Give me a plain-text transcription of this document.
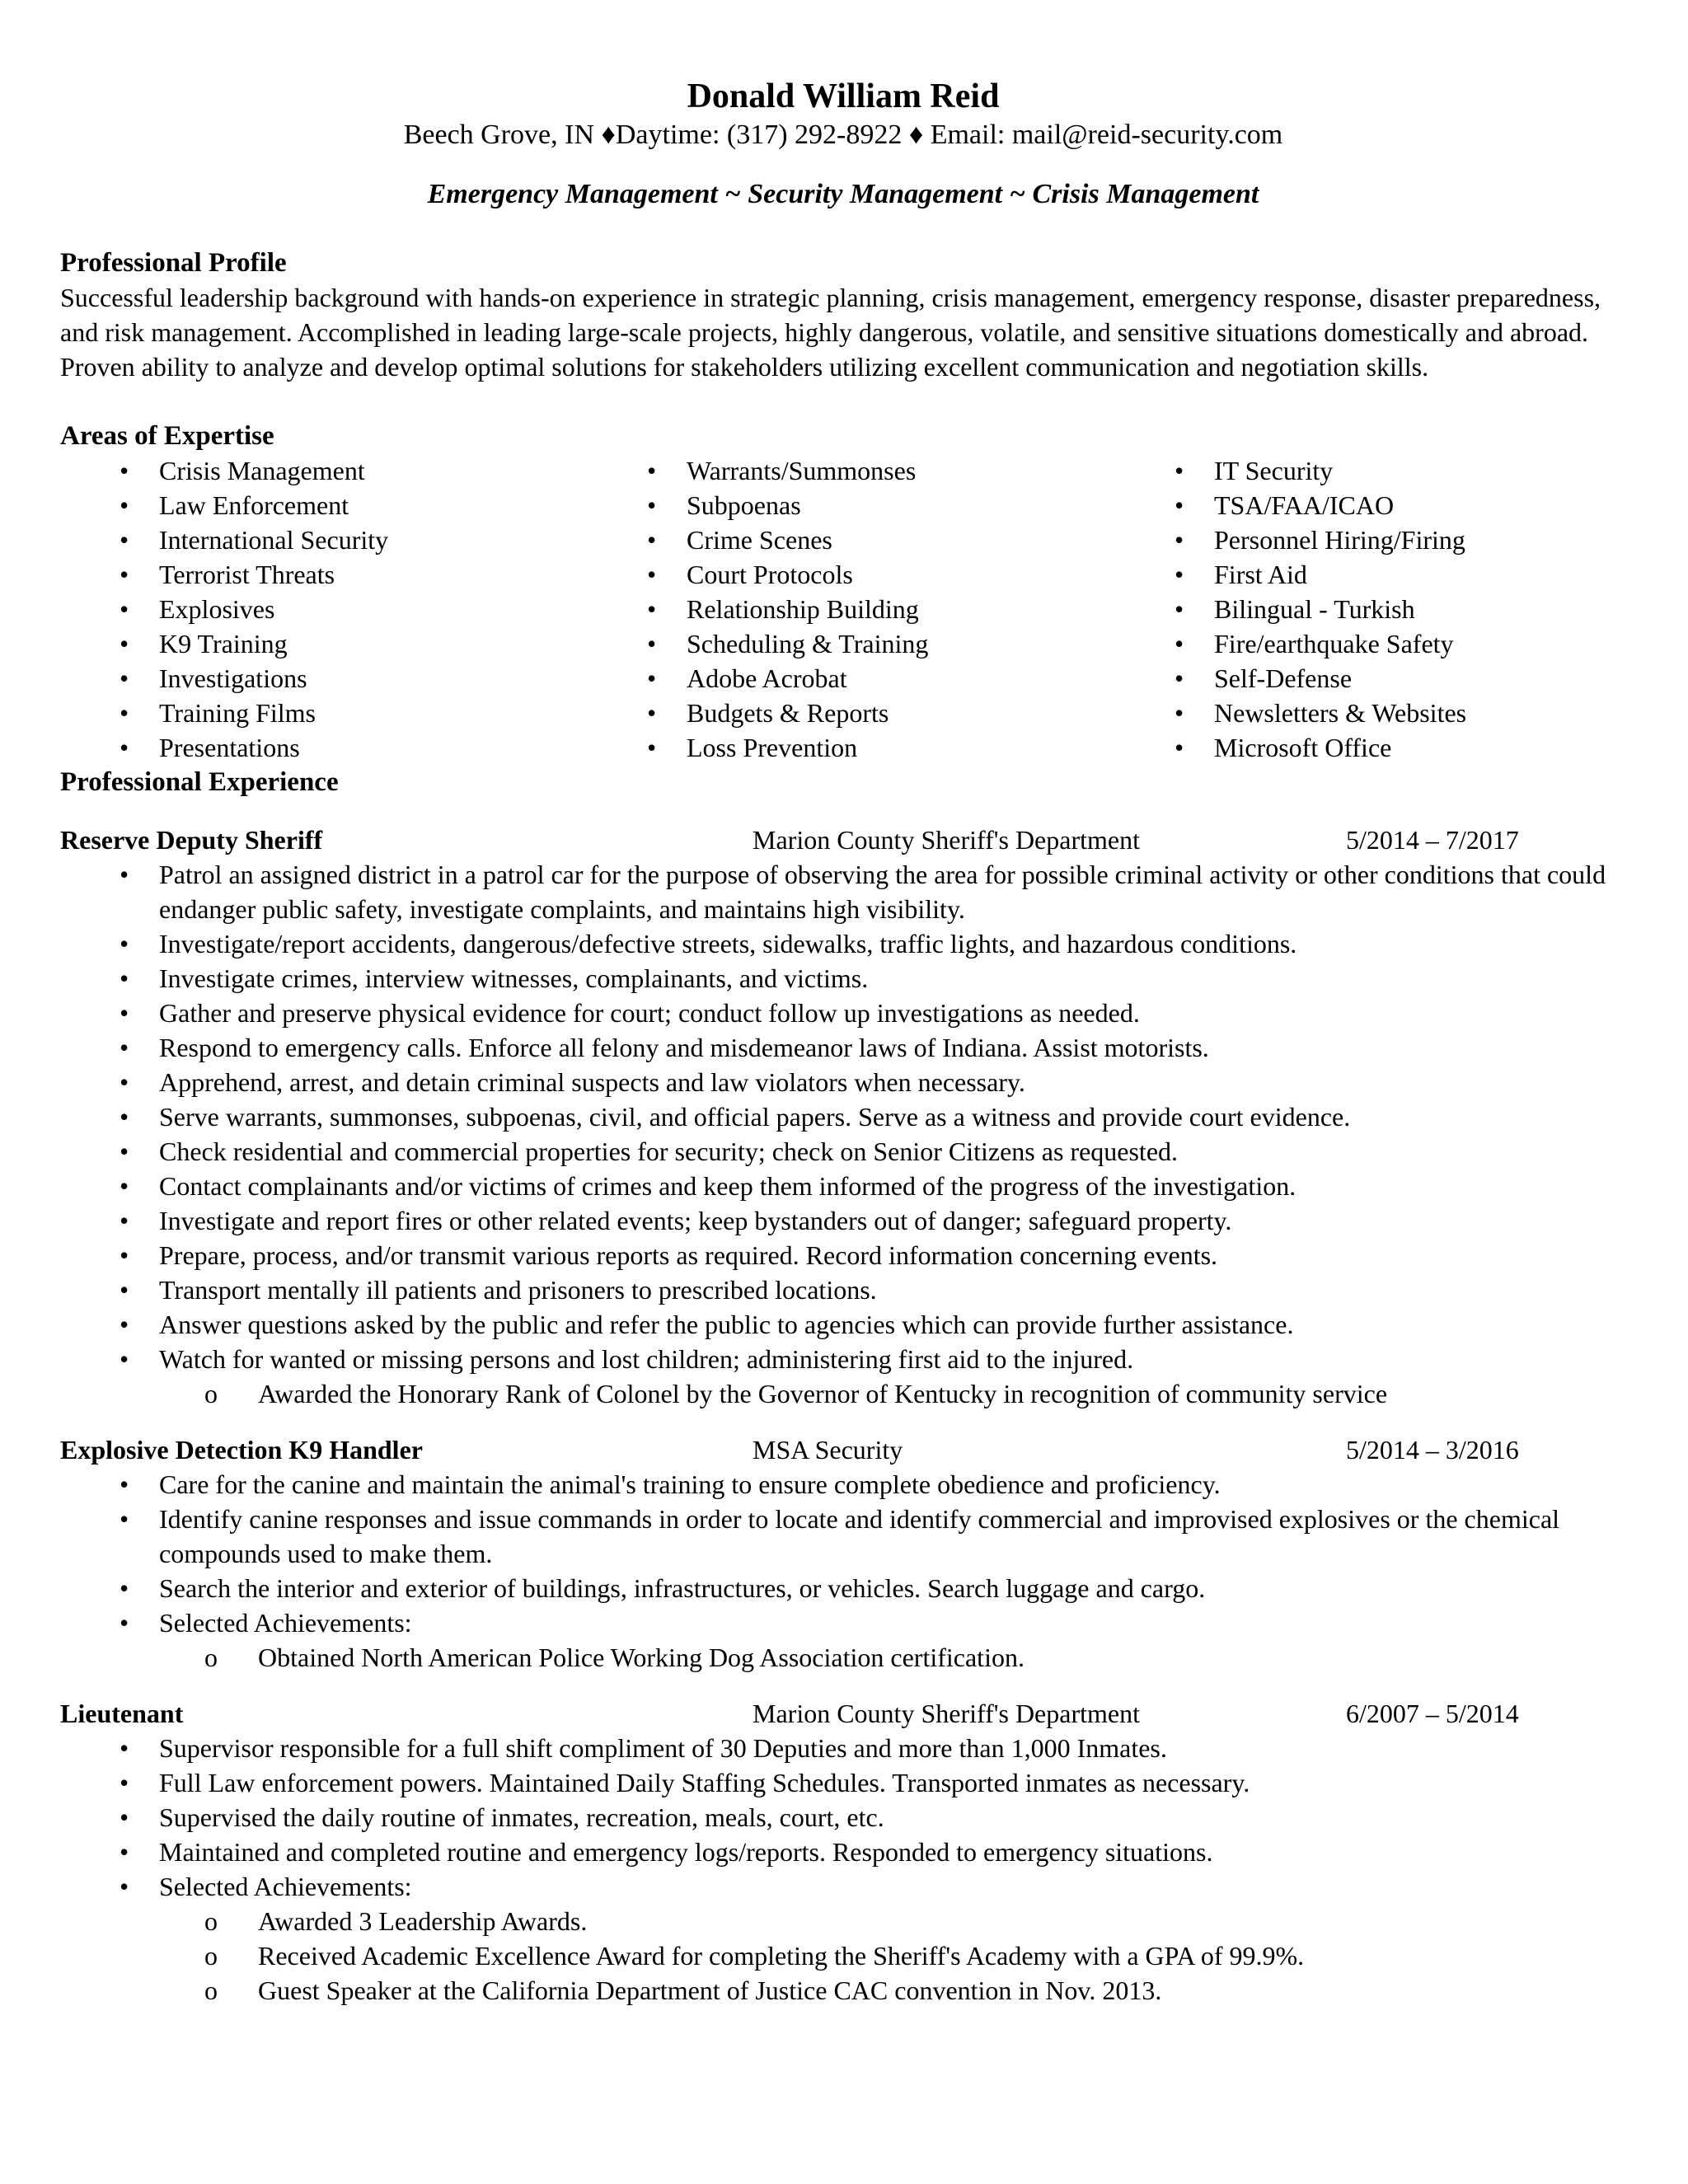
Donald William Reid

Beech Grove, IN ♦Daytime: (317) 292-8922 ♦ Email: mail@reid-security.com

Emergency Management ~ Security Management ~ Crisis Management

Professional Profile

Successful leadership background with hands-on experience in strategic planning, crisis management, emergency response, disaster preparedness, and risk management. Accomplished in leading large-scale projects, highly dangerous, volatile, and sensitive situations domestically and abroad. Proven ability to analyze and develop optimal solutions for stakeholders utilizing excellent communication and negotiation skills.

Areas of Expertise
• Crisis Management
• Law Enforcement
• International Security
• Terrorist Threats
• Explosives
• K9 Training
• Investigations
• Training Films
• Presentations
• Warrants/Summonses
• Subpoenas
• Crime Scenes
• Court Protocols
• Relationship Building
• Scheduling & Training
• Adobe Acrobat
• Budgets & Reports
• Loss Prevention
• IT Security
• TSA/FAA/ICAO
• Personnel Hiring/Firing
• First Aid
• Bilingual - Turkish
• Fire/earthquake Safety
• Self-Defense
• Newsletters & Websites
• Microsoft Office
Professional Experience
Reserve Deputy Sheriff	Marion County Sheriff's Department	5/2014 – 7/2017
• Patrol an assigned district in a patrol car for the purpose of observing the area for possible criminal activity or other conditions that could endanger public safety, investigate complaints, and maintains high visibility.
• Investigate/report accidents, dangerous/defective streets, sidewalks, traffic lights, and hazardous conditions.
• Investigate crimes, interview witnesses, complainants, and victims.
• Gather and preserve physical evidence for court; conduct follow up investigations as needed.
• Respond to emergency calls. Enforce all felony and misdemeanor laws of Indiana. Assist motorists.
• Apprehend, arrest, and detain criminal suspects and law violators when necessary.
• Serve warrants, summonses, subpoenas, civil, and official papers. Serve as a witness and provide court evidence.
• Check residential and commercial properties for security; check on Senior Citizens as requested.
• Contact complainants and/or victims of crimes and keep them informed of the progress of the investigation.
• Investigate and report fires or other related events; keep bystanders out of danger; safeguard property.
• Prepare, process, and/or transmit various reports as required. Record information concerning events.
• Transport mentally ill patients and prisoners to prescribed locations.
• Answer questions asked by the public and refer the public to agencies which can provide further assistance.
• Watch for wanted or missing persons and lost children; administering first aid to the injured.
o Awarded the Honorary Rank of Colonel by the Governor of Kentucky in recognition of community service
Explosive Detection K9 Handler	MSA Security	5/2014 – 3/2016
• Care for the canine and maintain the animal's training to ensure complete obedience and proficiency.
• Identify canine responses and issue commands in order to locate and identify commercial and improvised explosives or the chemical compounds used to make them.
• Search the interior and exterior of buildings, infrastructures, or vehicles. Search luggage and cargo.
• Selected Achievements:
o Obtained North American Police Working Dog Association certification.
Lieutenant	Marion County Sheriff's Department	6/2007 – 5/2014
• Supervisor responsible for a full shift compliment of 30 Deputies and more than 1,000 Inmates.
• Full Law enforcement powers. Maintained Daily Staffing Schedules. Transported inmates as necessary.
• Supervised the daily routine of inmates, recreation, meals, court, etc.
• Maintained and completed routine and emergency logs/reports. Responded to emergency situations.
• Selected Achievements:
o Awarded 3 Leadership Awards.
o Received Academic Excellence Award for completing the Sheriff's Academy with a GPA of 99.9%.
o Guest Speaker at the California Department of Justice CAC convention in Nov. 2013.
